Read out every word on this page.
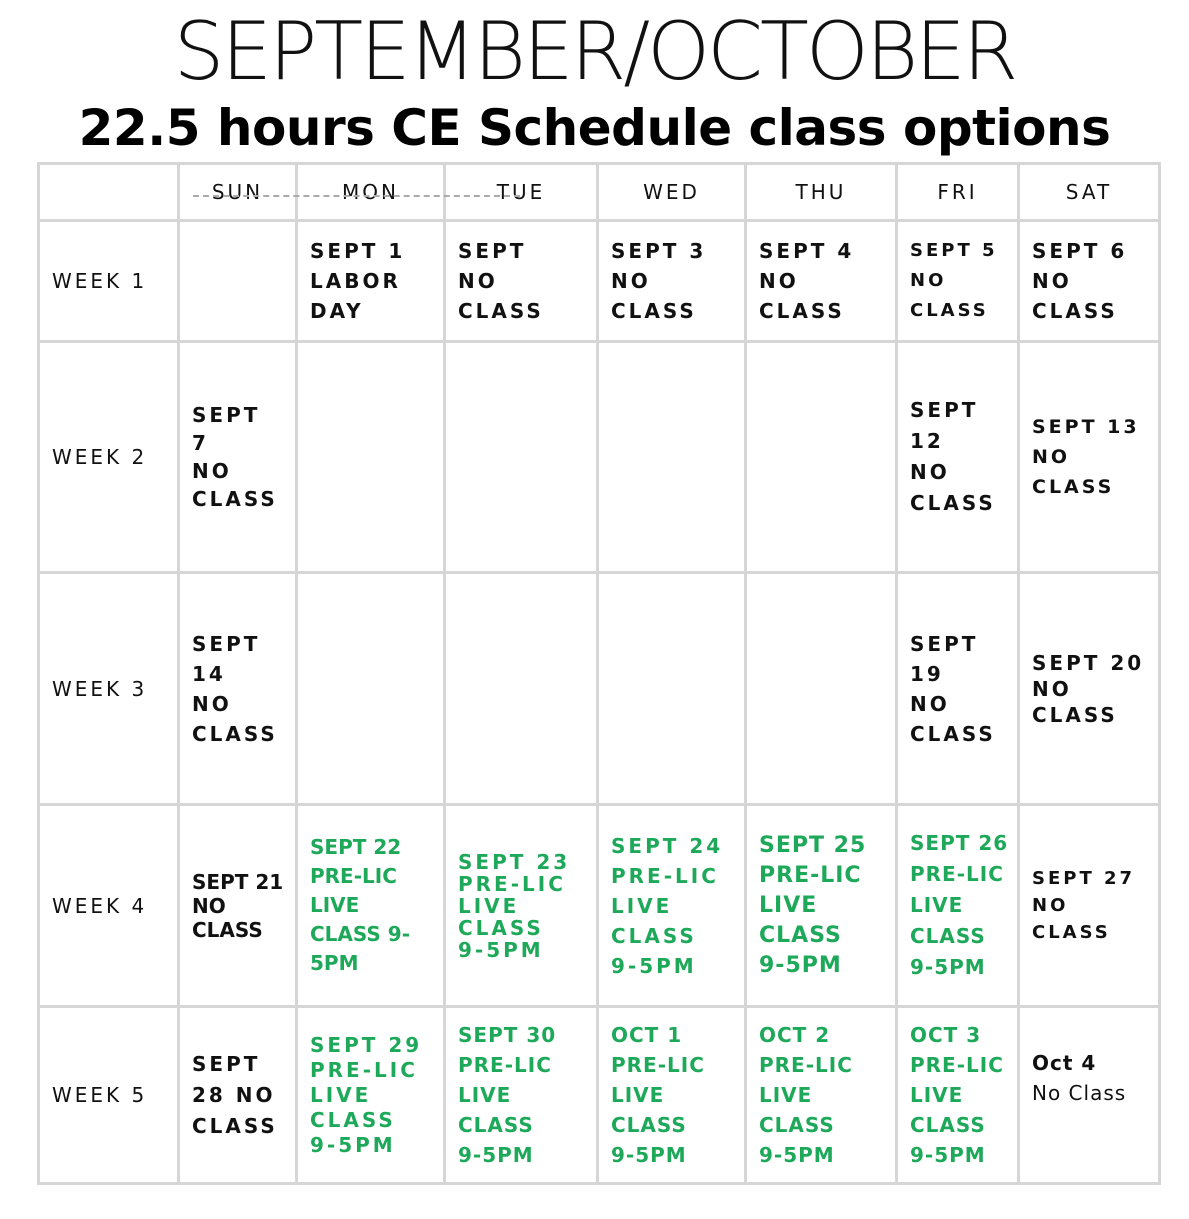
SEPTEMBER/OCTOBER
22.5 hours CE Schedule class options
	SUN	MON	TUE	WED	THU	FRI	SAT
WEEK 1		SEPT 1
LABOR
DAY	SEPT
NO
CLASS	SEPT 3
NO
CLASS	SEPT 4
NO
CLASS	SEPT 5
NO
CLASS	SEPT 6
NO
CLASS

WEEK 2	SEPT
7
NO
CLASS					SEPT
12
NO
CLASS	SEPT 13
NO
CLASS

WEEK 3	SEPT
14
NO
CLASS					SEPT
19
NO
CLASS	SEPT 20
NO
CLASS

WEEK 4	SEPT 21
NO
CLASS	SEPT 22
PRE-LIC
LIVE
CLASS 9-
5PM	SEPT 23
PRE-LIC
LIVE
CLASS
9-5PM	SEPT 24
PRE-LIC
LIVE
CLASS
9-5PM	SEPT 25
PRE-LIC
LIVE
CLASS
9-5PM	SEPT 26
PRE-LIC
LIVE
CLASS
9-5PM	SEPT 27
NO
CLASS

WEEK 5	SEPT
28 NO
CLASS	SEPT 29
PRE-LIC
LIVE
CLASS
9-5PM	SEPT 30
PRE-LIC
LIVE
CLASS
9-5PM	OCT 1
PRE-LIC
LIVE
CLASS
9-5PM	OCT 2
PRE-LIC
LIVE
CLASS
9-5PM	OCT 3
PRE-LIC
LIVE
CLASS
9-5PM	Oct 4
No Class
